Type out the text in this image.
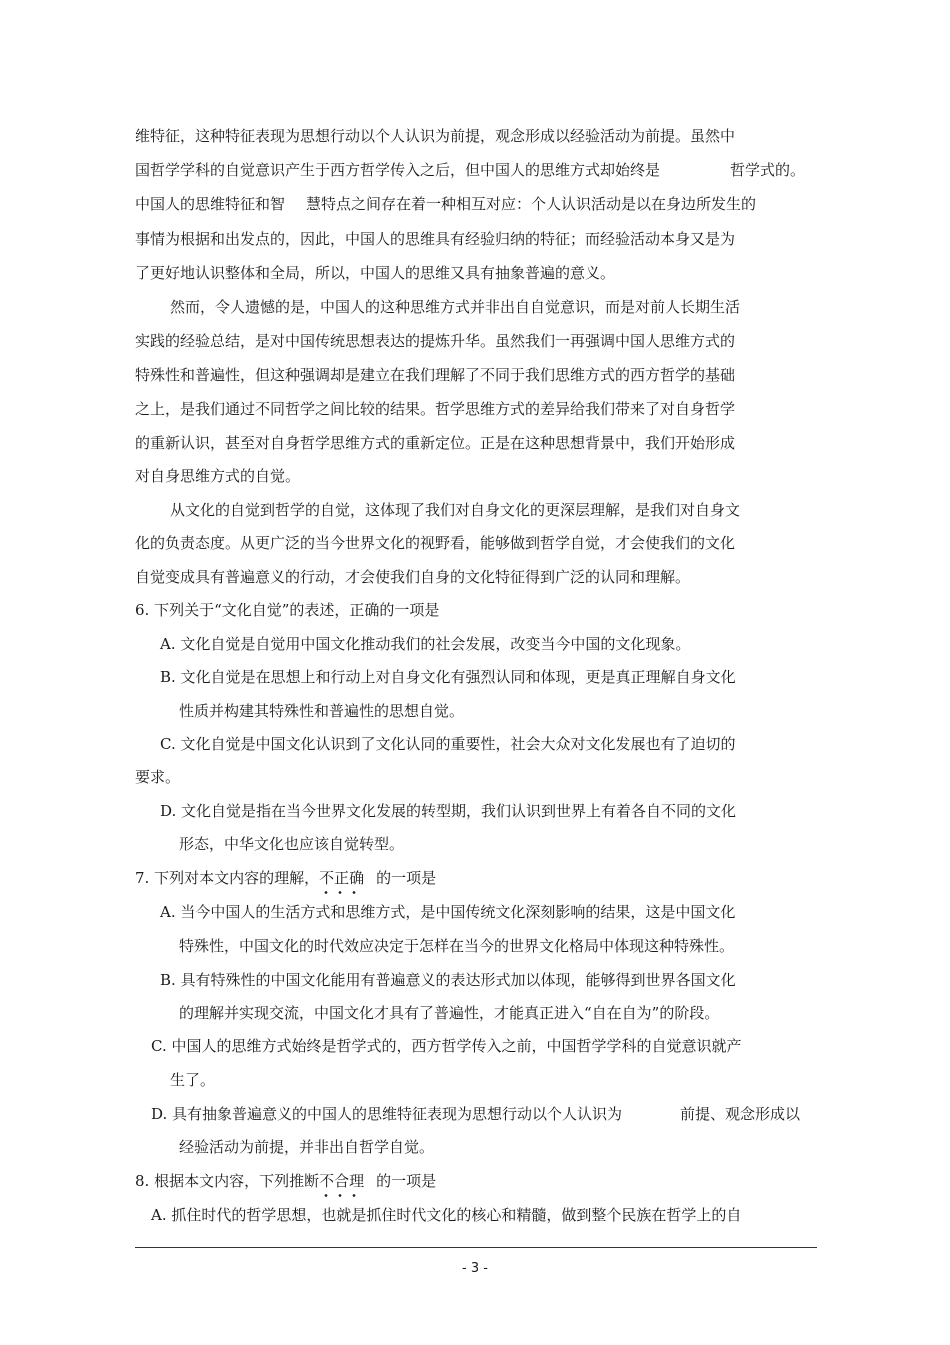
维特征，这种特征表现为思想行动以个人认识为前提，观念形成以经验活动为前提。虽然中
国哲学学科的自觉意识产生于西方哲学传入之后，但中国人的思维方式却始终是	哲学式的。
中国人的思维特征和智 慧特点之间存在着一种相互对应：个人认识活动是以在身边所发生的
事情为根据和出发点的，因此，中国人的思维具有经验归纳的特征；而经验活动本身又是为
了更好地认识整体和全局，所以，中国人的思维又具有抽象普遍的意义。
然而，令人遗憾的是，中国人的这种思维方式并非出自自觉意识，而是对前人长期生活
实践的经验总结，是对中国传统思想表达的提炼升华。虽然我们一再强调中国人思维方式的
特殊性和普遍性，但这种强调却是建立在我们理解了不同于我们思维方式的西方哲学的基础
之上，是我们通过不同哲学之间比较的结果。哲学思维方式的差异给我们带来了对自身哲学
的重新认识，甚至对自身哲学思维方式的重新定位。正是在这种思想背景中，我们开始形成
对自身思维方式的自觉。
从文化的自觉到哲学的自觉，这体现了我们对自身文化的更深层理解，是我们对自身文
化的负责态度。从更广泛的当今世界文化的视野看，能够做到哲学自觉，才会使我们的文化
自觉变成具有普遍意义的行动，才会使我们自身的文化特征得到广泛的认同和理解。
6. 下列关于“文化自觉”的表述，正确的一项是
A. 文化自觉是自觉用中国文化推动我们的社会发展，改变当今中国的文化现象。
B. 文化自觉是在思想上和行动上对自身文化有强烈认同和体现，更是真正理解自身文化
性质并构建其特殊性和普遍性的思想自觉。
C. 文化自觉是中国文化认识到了文化认同的重要性，社会大众对文化发展也有了迫切的
要求。
D. 文化自觉是指在当今世界文化发展的转型期，我们认识到世界上有着各自不同的文化
形态，中华文化也应该自觉转型。
7. 下列对本文内容的理解，不正确 的一项是
A. 当今中国人的生活方式和思维方式，是中国传统文化深刻影响的结果，这是中国文化
特殊性，中国文化的时代效应决定于怎样在当今的世界文化格局中体现这种特殊性。
B. 具有特殊性的中国文化能用有普遍意义的表达形式加以体现，能够得到世界各国文化
的理解并实现交流，中国文化才具有了普遍性，才能真正进入“自在自为”的阶段。
C. 中国人的思维方式始终是哲学式的，西方哲学传入之前，中国哲学学科的自觉意识就产
生了。
D. 具有抽象普遍意义的中国人的思维特征表现为思想行动以个人认识为	前提、观念形成以
经验活动为前提，并非出自哲学自觉。
8. 根据本文内容，下列推断不合理 的一项是
A. 抓住时代的哲学思想，也就是抓住时代文化的核心和精髓，做到整个民族在哲学上的自
- 3 -
